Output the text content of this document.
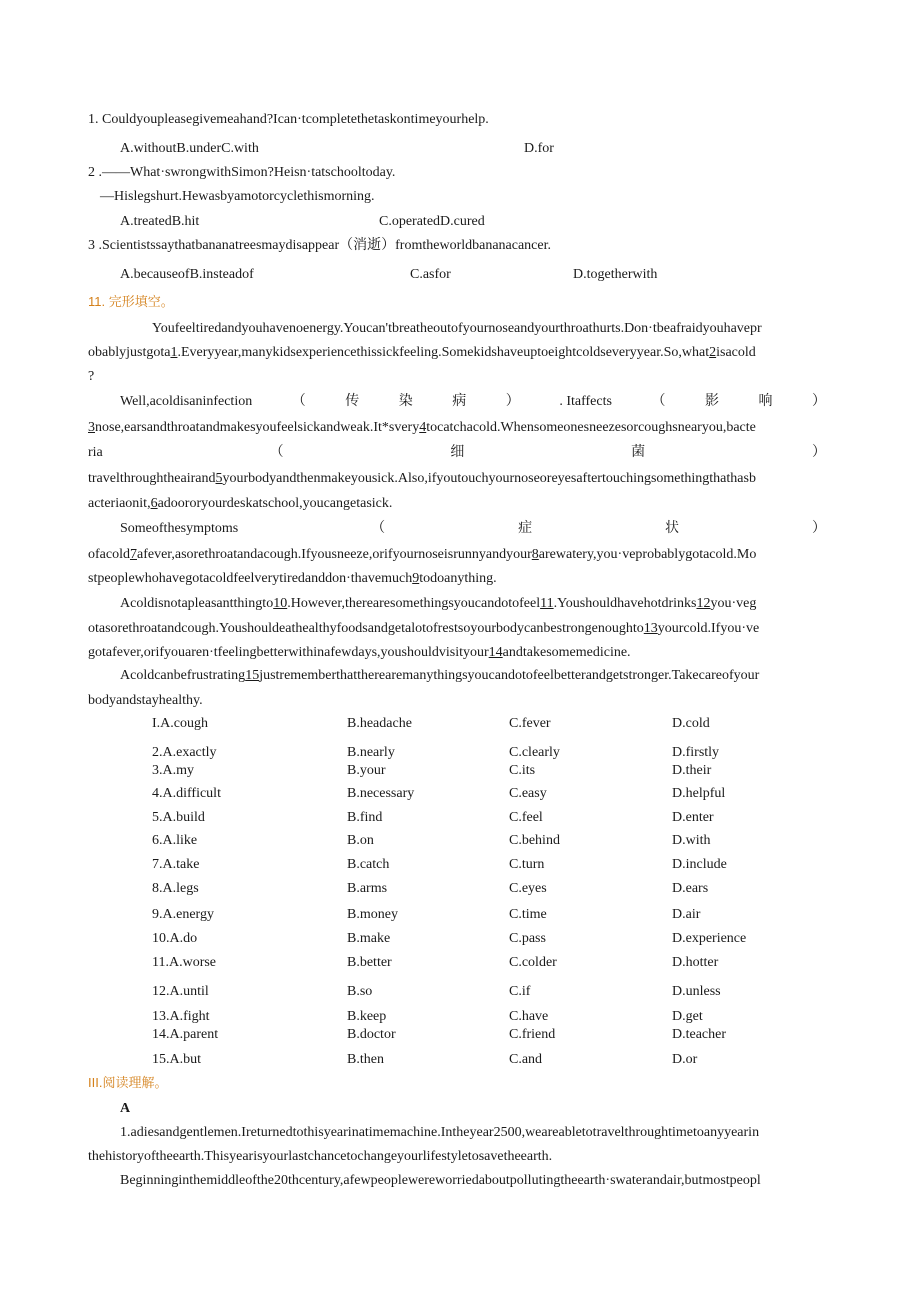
1. Couldyoupleasegivemeahand?Ican·tcompletethetaskontimeyourhelp.
A.withoutB.underC.with	D.for
2 .——What·swrongwithSimon?Heisn·tatschooltoday.
—Hislegshurt.Hewasbyamotorcyclethismorning.
A.treatedB.hit	C.operatedD.cured
3 .Scientistssaythatbananatreesmaydisappear（消逝）fromtheworldbananacancer.
A.becauseofB.insteadof	C.asfor	D.togetherwith
11. 完形填空。
Youfeeltiredandyouhavenoenergy.Youcan'tbreatheoutofyournoseandyourthroathurts.Don·tbeafraidyouhavepr
obablyjustgota1.Everyyear,manykidsexperiencethissickfeeling.Somekidshaveuptoeightcoldseveryyear.So,what2isacold
?
Well,acoldisaninfection	（	传	染	病	）	. Itaffects	（	影	响	）
3nose,earsandthroatandmakesyoufeelsickandweak.It*svery4tocatchacold.Whensomeonesneezesorcoughsnearyou,bacte
ria	（	细	菌	）
travelthroughtheairand5yourbodyandthenmakeyousick.Also,ifyoutouchyournoseoreyesaftertouchingsomethingthathasb
acteriaonit,6adoororyourdeskatschool,youcangetasick.
Someofthesymptoms	（	症	状	）
ofacold7afever,asorethroatandacough.Ifyousneeze,orifyournoseisrunnyandyour8arewatery,you·veprobablygotacold.Mo
stpeoplewhohavegotacoldfeelverytiredanddon·thavemuch9todoanything.
Acoldisnotapleasantthingto10.However,therearesomethingsyoucandotofeel11.Youshouldhavehotdrinks12you·veg
otasorethroatandcough.Youshouldeathealthyfoodsandgetalotofrestsoyourbodycanbestrongenoughto13yourcold.Ifyou·ve
gotafever,orifyouaren·tfeelingbetterwithinafewdays,youshouldvisityour14andtakesomemedicine.
Acoldcanbefrustrating15justrememberthattherearemanythingsyoucandotofeelbetterandgetstronger.Takecareofyour
bodyandstayhealthy.
I.A.cough	B.headache	C.fever	D.cold
2.A.exactly	B.nearly	C.clearly	D.firstly
3.A.my	B.your	C.its	D.their
4.A.difficult	B.necessary	C.easy	D.helpful
5.A.build	B.find	C.feel	D.enter
6.A.like	B.on	C.behind	D.with
7.A.take	B.catch	C.turn	D.include
8.A.legs	B.arms	C.eyes	D.ears
9.A.energy	B.money	C.time	D.air
10.A.do	B.make	C.pass	D.experience
11.A.worse	B.better	C.colder	D.hotter
12.A.until	B.so	C.if	D.unless
13.A.fight	B.keep	C.have	D.get
14.A.parent	B.doctor	C.friend	D.teacher
15.A.but	B.then	C.and	D.or
III.阅读理解。
A
1.adiesandgentlemen.Ireturnedtothisyearinatimemachine.Intheyear2500,weareabletotravelthroughtimetoanyyearin
thehistoryoftheearth.Thisyearisyourlastchancetochangeyourlifestyletosavetheearth.
Beginninginthemiddleofthe20thcentury,afewpeoplewereworriedaboutpollutingtheearth·swaterandair,butmostpeopl
